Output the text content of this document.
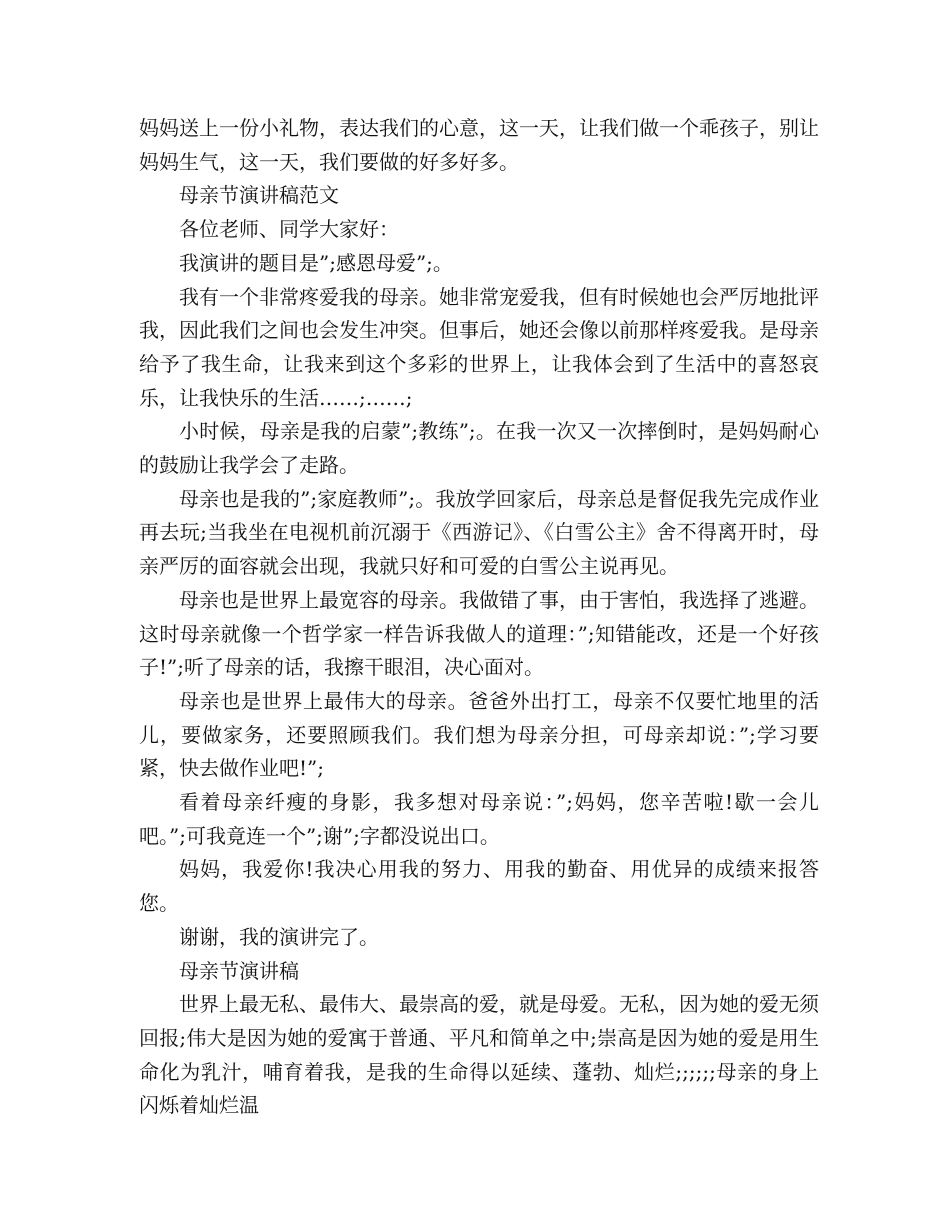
妈妈送上一份小礼物，表达我们的心意，这一天，让我们做一个乖孩子，别让妈妈生气，这一天，我们要做的好多好多。

母亲节演讲稿范文

各位老师、同学大家好：

我演讲的题目是”;感恩母爱”;。

我有一个非常疼爱我的母亲。她非常宠爱我，但有时候她也会严厉地批评我，因此我们之间也会发生冲突。但事后，她还会像以前那样疼爱我。是母亲给予了我生命，让我来到这个多彩的世界上，让我体会到了生活中的喜怒哀乐，让我快乐的生活……;……;

小时候，母亲是我的启蒙”;教练”;。在我一次又一次摔倒时，是妈妈耐心的鼓励让我学会了走路。

母亲也是我的”;家庭教师”;。我放学回家后，母亲总是督促我先完成作业再去玩;当我坐在电视机前沉溺于《西游记》、《白雪公主》舍不得离开时，母亲严厉的面容就会出现，我就只好和可爱的白雪公主说再见。

母亲也是世界上最宽容的母亲。我做错了事，由于害怕，我选择了逃避。这时母亲就像一个哲学家一样告诉我做人的道理：”;知错能改，还是一个好孩子!”;听了母亲的话，我擦干眼泪，决心面对。

母亲也是世界上最伟大的母亲。爸爸外出打工，母亲不仅要忙地里的活儿，要做家务，还要照顾我们。我们想为母亲分担，可母亲却说：”;学习要紧，快去做作业吧!”;

看着母亲纤瘦的身影，我多想对母亲说：”;妈妈，您辛苦啦!歇一会儿吧。”;可我竟连一个”;谢”;字都没说出口。

妈妈，我爱你!我决心用我的努力、用我的勤奋、用优异的成绩来报答您。

谢谢，我的演讲完了。

母亲节演讲稿

世界上最无私、最伟大、最崇高的爱，就是母爱。无私，因为她的爱无须回报;伟大是因为她的爱寓于普通、平凡和简单之中;崇高是因为她的爱是用生命化为乳汁，哺育着我，是我的生命得以延续、蓬勃、灿烂;;;;;;母亲的身上闪烁着灿烂温
